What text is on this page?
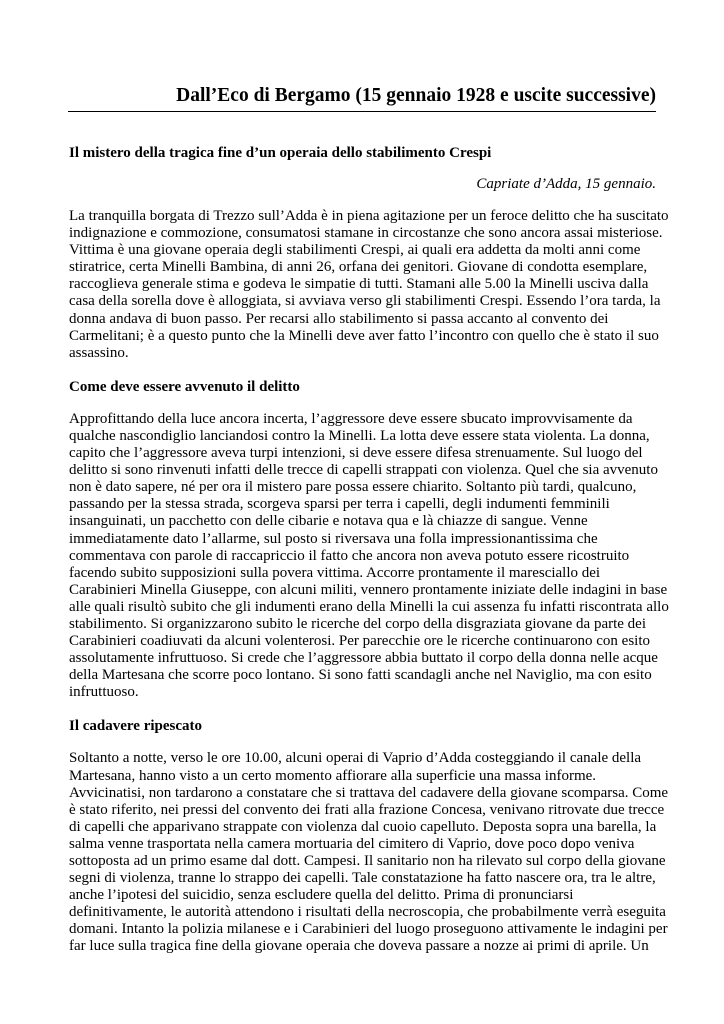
Dall’Eco di Bergamo (15 gennaio 1928 e uscite successive)
Il mistero della tragica fine d’un operaia dello stabilimento Crespi
Capriate d’Adda, 15 gennaio.

La tranquilla borgata di Trezzo sull’Adda è in piena agitazione per un feroce delitto che ha suscitato
indignazione e commozione, consumatosi stamane in circostanze che sono ancora assai misteriose.
Vittima è una giovane operaia degli stabilimenti Crespi, ai quali era addetta da molti anni come
stiratrice, certa Minelli Bambina, di anni 26, orfana dei genitori. Giovane di condotta esemplare,
raccoglieva generale stima e godeva le simpatie di tutti. Stamani alle 5.00 la Minelli usciva dalla
casa della sorella dove è alloggiata, si avviava verso gli stabilimenti Crespi. Essendo l’ora tarda, la
donna andava di buon passo. Per recarsi allo stabilimento si passa accanto al convento dei
Carmelitani; è a questo punto che la Minelli deve aver fatto l’incontro con quello che è stato il suo
assassino.

Come deve essere avvenuto il delitto

Approfittando della luce ancora incerta, l’aggressore deve essere sbucato improvvisamente da
qualche nascondiglio lanciandosi contro la Minelli. La lotta deve essere stata violenta. La donna,
capito che l’aggressore aveva turpi intenzioni, si deve essere difesa strenuamente. Sul luogo del
delitto si sono rinvenuti infatti delle trecce di capelli strappati con violenza. Quel che sia avvenuto
non è dato sapere, né per ora il mistero pare possa essere chiarito. Soltanto più tardi, qualcuno,
passando per la stessa strada, scorgeva sparsi per terra i capelli, degli indumenti femminili
insanguinati, un pacchetto con delle cibarie e notava qua e là chiazze di sangue. Venne
immediatamente dato l’allarme, sul posto si riversava una folla impressionantissima che
commentava con parole di raccapriccio il fatto che ancora non aveva potuto essere ricostruito
facendo subito supposizioni sulla povera vittima. Accorre prontamente il maresciallo dei
Carabinieri Minella Giuseppe, con alcuni militi, vennero prontamente iniziate delle indagini in base
alle quali risultò subito che gli indumenti erano della Minelli la cui assenza fu infatti riscontrata allo
stabilimento. Si organizzarono subito le ricerche del corpo della disgraziata giovane da parte dei
Carabinieri coadiuvati da alcuni volenterosi. Per parecchie ore le ricerche continuarono con esito
assolutamente infruttuoso. Si crede che l’aggressore abbia buttato il corpo della donna nelle acque
della Martesana che scorre poco lontano. Si sono fatti scandagli anche nel Naviglio, ma con esito
infruttuoso.

Il cadavere ripescato

Soltanto a notte, verso le ore 10.00, alcuni operai di Vaprio d’Adda costeggiando il canale della
Martesana, hanno visto a un certo momento affiorare alla superficie una massa informe.
Avvicinatisi, non tardarono a constatare che si trattava del cadavere della giovane scomparsa. Come
è stato riferito, nei pressi del convento dei frati alla frazione Concesa, venivano ritrovate due trecce
di capelli che apparivano strappate con violenza dal cuoio capelluto. Deposta sopra una barella, la
salma venne trasportata nella camera mortuaria del cimitero di Vaprio, dove poco dopo veniva
sottoposta ad un primo esame dal dott. Campesi. Il sanitario non ha rilevato sul corpo della giovane
segni di violenza, tranne lo strappo dei capelli. Tale constatazione ha fatto nascere ora, tra le altre,
anche l’ipotesi del suicidio, senza escludere quella del delitto. Prima di pronunciarsi
definitivamente, le autorità attendono i risultati della necroscopia, che probabilmente verrà eseguita
domani. Intanto la polizia milanese e i Carabinieri del luogo proseguono attivamente le indagini per
far luce sulla tragica fine della giovane operaia che doveva passare a nozze ai primi di aprile. Un
